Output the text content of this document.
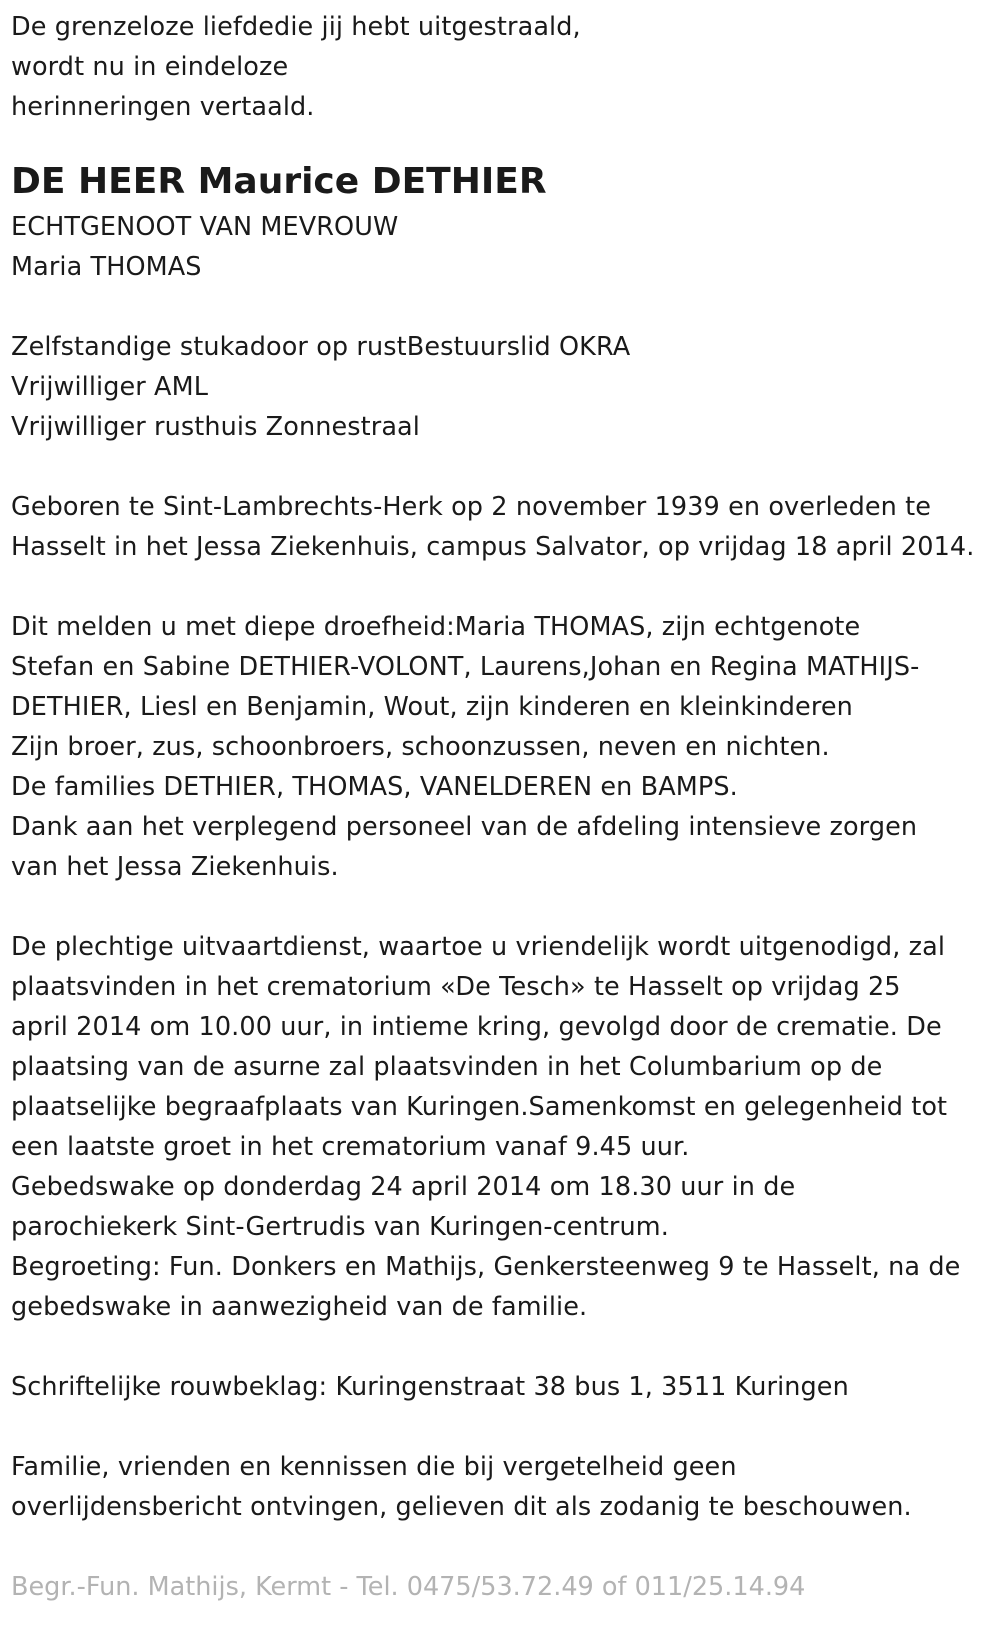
De grenzeloze liefdedie jij hebt uitgestraald,
wordt nu in eindeloze
herinneringen vertaald.
DE HEER Maurice DETHIER
ECHTGENOOT VAN MEVROUW
Maria THOMAS
Zelfstandige stukadoor op rustBestuurslid OKRA
Vrijwilliger AML
Vrijwilliger rusthuis Zonnestraal
Geboren te Sint-Lambrechts-Herk op 2 november 1939 en overleden te
Hasselt in het Jessa Ziekenhuis, campus Salvator, op vrijdag 18 april 2014.
Dit melden u met diepe droefheid:Maria THOMAS, zijn echtgenote
Stefan en Sabine DETHIER-VOLONT, Laurens,Johan en Regina MATHIJS-
DETHIER, Liesl en Benjamin, Wout, zijn kinderen en kleinkinderen
Zijn broer, zus, schoonbroers, schoonzussen, neven en nichten.
De families DETHIER, THOMAS, VANELDEREN en BAMPS.
Dank aan het verplegend personeel van de afdeling intensieve zorgen
van het Jessa Ziekenhuis.
De plechtige uitvaartdienst, waartoe u vriendelijk wordt uitgenodigd, zal
plaatsvinden in het crematorium «De Tesch» te Hasselt op vrijdag 25
april 2014 om 10.00 uur, in intieme kring, gevolgd door de crematie. De
plaatsing van de asurne zal plaatsvinden in het Columbarium op de
plaatselijke begraafplaats van Kuringen.Samenkomst en gelegenheid tot
een laatste groet in het crematorium vanaf 9.45 uur.
Gebedswake op donderdag 24 april 2014 om 18.30 uur in de
parochiekerk Sint-Gertrudis van Kuringen-centrum.
Begroeting: Fun. Donkers en Mathijs, Genkersteenweg 9 te Hasselt, na de
gebedswake in aanwezigheid van de familie.
Schriftelijke rouwbeklag: Kuringenstraat 38 bus 1, 3511 Kuringen
Familie, vrienden en kennissen die bij vergetelheid geen
overlijdensbericht ontvingen, gelieven dit als zodanig te beschouwen.
Begr.-Fun. Mathijs, Kermt - Tel. 0475/53.72.49 of 011/25.14.94
